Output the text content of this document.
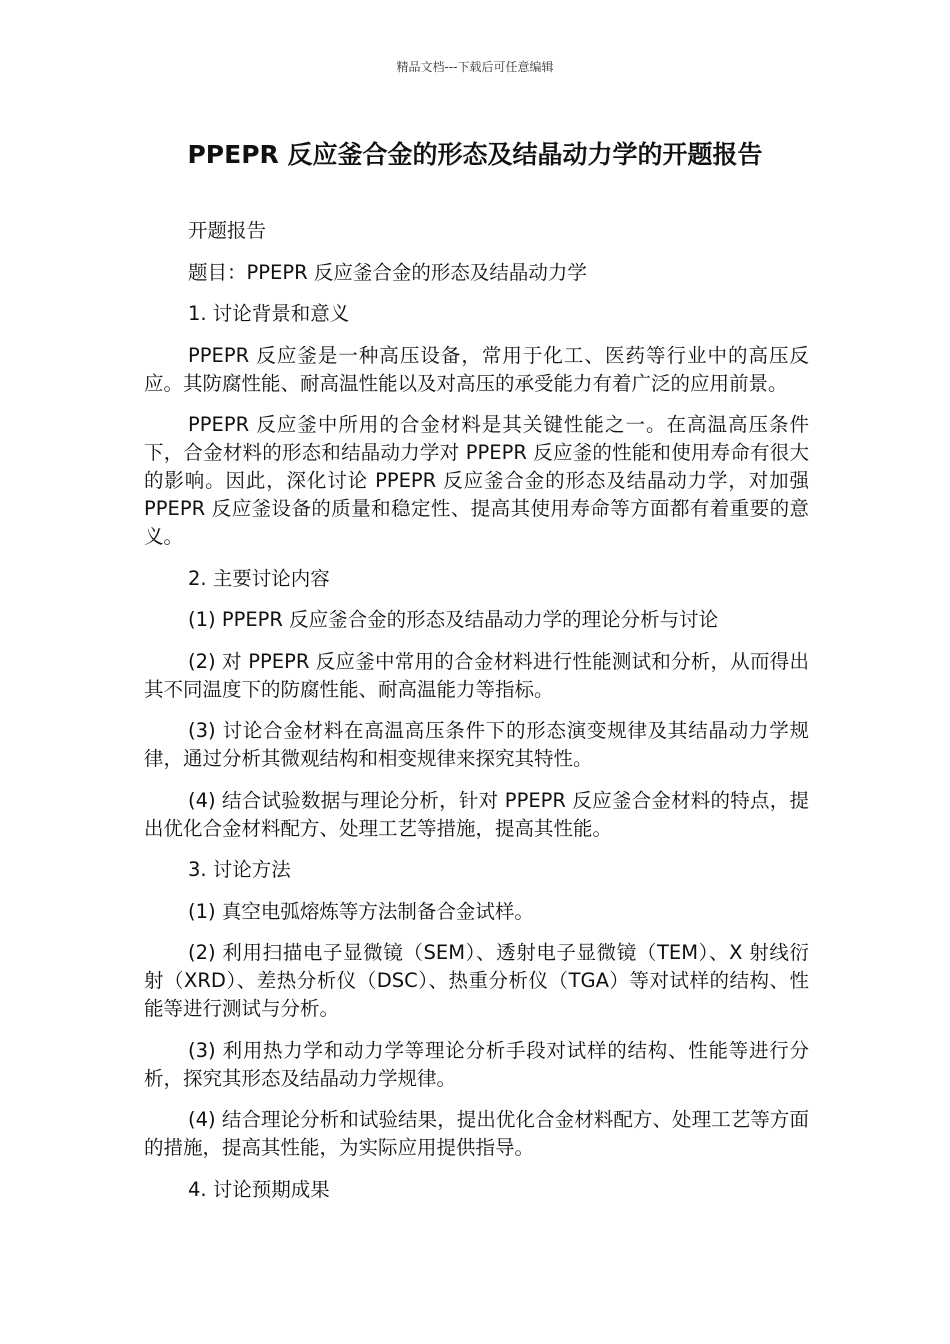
精品文档---下载后可任意编辑
PPEPR 反应釜合金的形态及结晶动力学的开题报告

开题报告

题目：PPEPR 反应釜合金的形态及结晶动力学

1. 讨论背景和意义

PPEPR 反应釜是一种高压设备，常用于化工、医药等行业中的高压反应。其防腐性能、耐高温性能以及对高压的承受能力有着广泛的应用前景。

PPEPR 反应釜中所用的合金材料是其关键性能之一。在高温高压条件下，合金材料的形态和结晶动力学对 PPEPR 反应釜的性能和使用寿命有很大的影响。因此，深化讨论 PPEPR 反应釜合金的形态及结晶动力学，对加强 PPEPR 反应釜设备的质量和稳定性、提高其使用寿命等方面都有着重要的意义。

2. 主要讨论内容

(1) PPEPR 反应釜合金的形态及结晶动力学的理论分析与讨论

(2) 对 PPEPR 反应釜中常用的合金材料进行性能测试和分析，从而得出其不同温度下的防腐性能、耐高温能力等指标。

(3) 讨论合金材料在高温高压条件下的形态演变规律及其结晶动力学规律，通过分析其微观结构和相变规律来探究其特性。

(4) 结合试验数据与理论分析，针对 PPEPR 反应釜合金材料的特点，提出优化合金材料配方、处理工艺等措施，提高其性能。

3. 讨论方法

(1) 真空电弧熔炼等方法制备合金试样。

(2) 利用扫描电子显微镜（SEM）、透射电子显微镜（TEM）、X 射线衍射（XRD）、差热分析仪（DSC）、热重分析仪（TGA）等对试样的结构、性能等进行测试与分析。

(3) 利用热力学和动力学等理论分析手段对试样的结构、性能等进行分析，探究其形态及结晶动力学规律。

(4) 结合理论分析和试验结果，提出优化合金材料配方、处理工艺等方面的措施，提高其性能，为实际应用提供指导。

4. 讨论预期成果
